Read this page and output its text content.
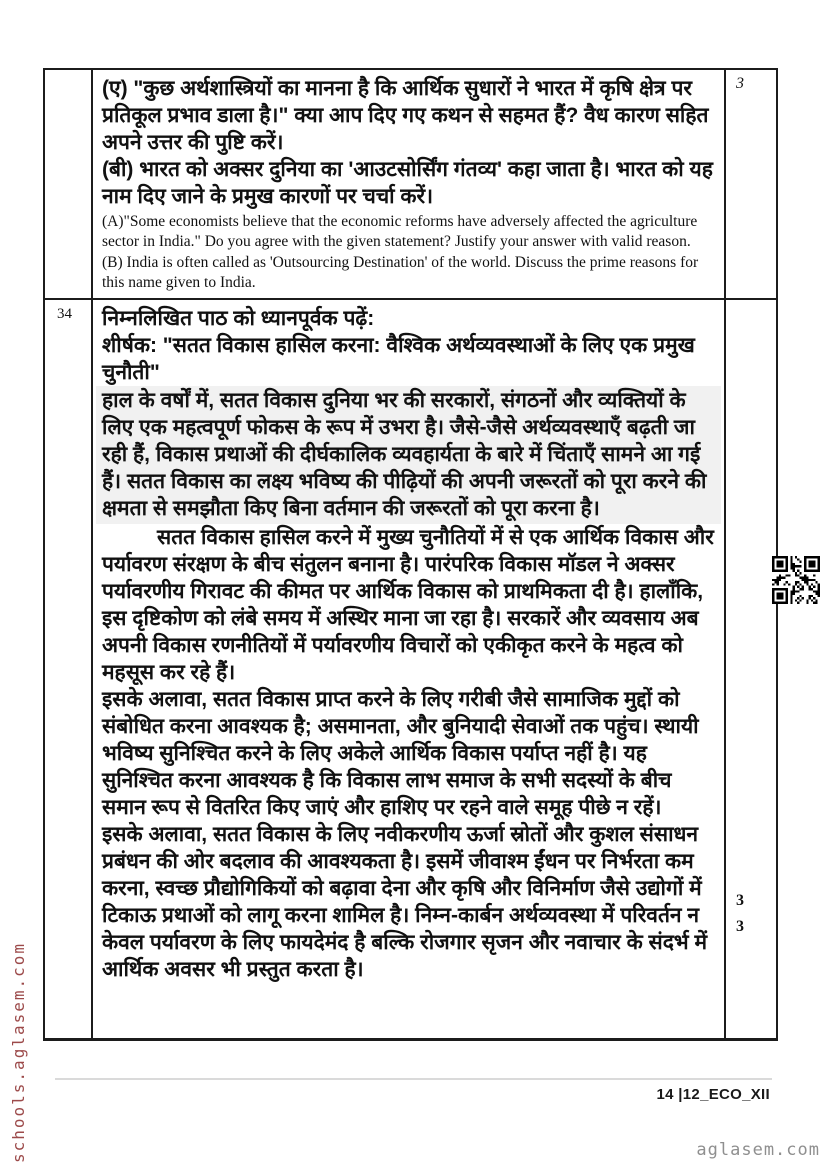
(ए) "कुछ अर्थशास्त्रियों का मानना है कि आर्थिक सुधारों ने भारत में कृषि क्षेत्र पर प्रतिकूल प्रभाव डाला है।" क्या आप दिए गए कथन से सहमत हैं? वैध कारण सहित अपने उत्तर की पुष्टि करें।

(बी) भारत को अक्सर दुनिया का 'आउटसोर्सिंग गंतव्य' कहा जाता है। भारत को यह नाम दिए जाने के प्रमुख कारणों पर चर्चा करें।

(A)"Some economists believe that the economic reforms have adversely affected the agriculture sector in India." Do you agree with the given statement? Justify your answer with valid reason.

(B) India is often called as 'Outsourcing Destination' of the world. Discuss the prime reasons for this name given to India.

3
34	निम्नलिखित पाठ को ध्यानपूर्वक पढ़ें:

शीर्षक: "सतत विकास हासिल करना: वैश्विक अर्थव्यवस्थाओं के लिए एक प्रमुख चुनौती"

हाल के वर्षों में, सतत विकास दुनिया भर की सरकारों, संगठनों और व्यक्तियों के लिए एक महत्वपूर्ण फोकस के रूप में उभरा है। जैसे-जैसे अर्थव्यवस्थाएँ बढ़ती जा रही हैं, विकास प्रथाओं की दीर्घकालिक व्यवहार्यता के बारे में चिंताएँ सामने आ गई हैं। सतत विकास का लक्ष्य भविष्य की पीढ़ियों की अपनी जरूरतों को पूरा करने की क्षमता से समझौता किए बिना वर्तमान की जरूरतों को पूरा करना है।

सतत विकास हासिल करने में मुख्य चुनौतियों में से एक आर्थिक विकास और पर्यावरण संरक्षण के बीच संतुलन बनाना है। पारंपरिक विकास मॉडल ने अक्सर पर्यावरणीय गिरावट की कीमत पर आर्थिक विकास को प्राथमिकता दी है। हालाँकि, इस दृष्टिकोण को लंबे समय में अस्थिर माना जा रहा है। सरकारें और व्यवसाय अब अपनी विकास रणनीतियों में पर्यावरणीय विचारों को एकीकृत करने के महत्व को महसूस कर रहे हैं।

इसके अलावा, सतत विकास प्राप्त करने के लिए गरीबी जैसे सामाजिक मुद्दों को संबोधित करना आवश्यक है; असमानता, और बुनियादी सेवाओं तक पहुंच। स्थायी भविष्य सुनिश्चित करने के लिए अकेले आर्थिक विकास पर्याप्त नहीं है। यह सुनिश्चित करना आवश्यक है कि विकास लाभ समाज के सभी सदस्यों के बीच समान रूप से वितरित किए जाएं और हाशिए पर रहने वाले समूह पीछे न रहें।

इसके अलावा, सतत विकास के लिए नवीकरणीय ऊर्जा स्रोतों और कुशल संसाधन प्रबंधन की ओर बदलाव की आवश्यकता है। इसमें जीवाश्म ईंधन पर निर्भरता कम करना, स्वच्छ प्रौद्योगिकियों को बढ़ावा देना और कृषि और विनिर्माण जैसे उद्योगों में टिकाऊ प्रथाओं को लागू करना शामिल है। निम्न-कार्बन अर्थव्यवस्था में परिवर्तन न केवल पर्यावरण के लिए फायदेमंद है बल्कि रोजगार सृजन और नवाचार के संदर्भ में आर्थिक अवसर भी प्रस्तुत करता है।

3
3
14 |12_ECO_XII
schools.aglasem.com	aglasem.com
